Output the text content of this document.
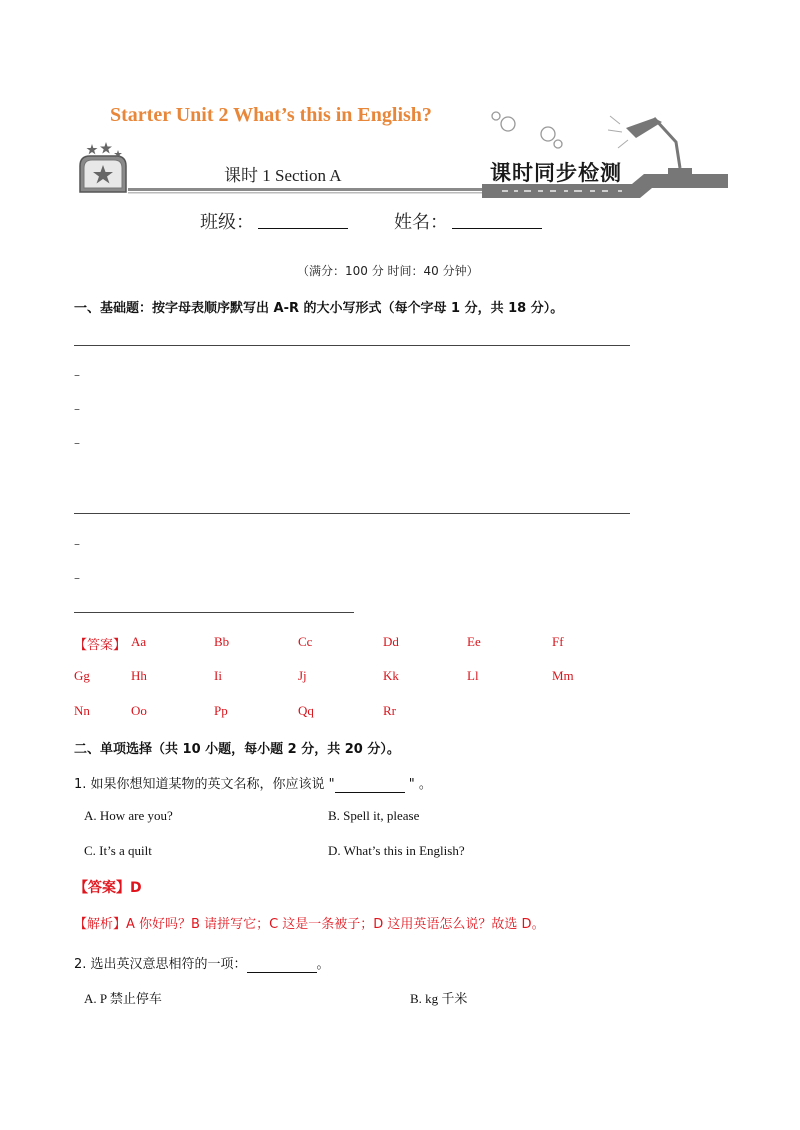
Starter Unit 2 What’s this in English?
课时 1 Section A	课时同步检测
班级：	姓名：
（满分：100 分 时间：40 分钟）
一、基础题：按字母表顺序默写出 A-R 的大小写形式（每个字母 1 分，共 18 分）。
–
–
–
–
–
【答案】 Aa	Bb	Cc	Dd	Ee	Ff
Gg	Hh	Ii	Jj	Kk	Ll	Mm
Nn	Oo	Pp	Qq	Rr
二、单项选择（共 10 小题，每小题 2 分，共 20 分）。
1. 如果你想知道某物的英文名称，你应该说 "	" 。
A. How are you?	B. Spell it, please
C. It’s a quilt	D. What’s this in English?
【答案】D
【解析】A 你好吗？B 请拼写它；C 这是一条被子；D 这用英语怎么说？故选 D。
2. 选出英汉意思相符的一项：	。
A. P 禁止停车	B. kg 千米
